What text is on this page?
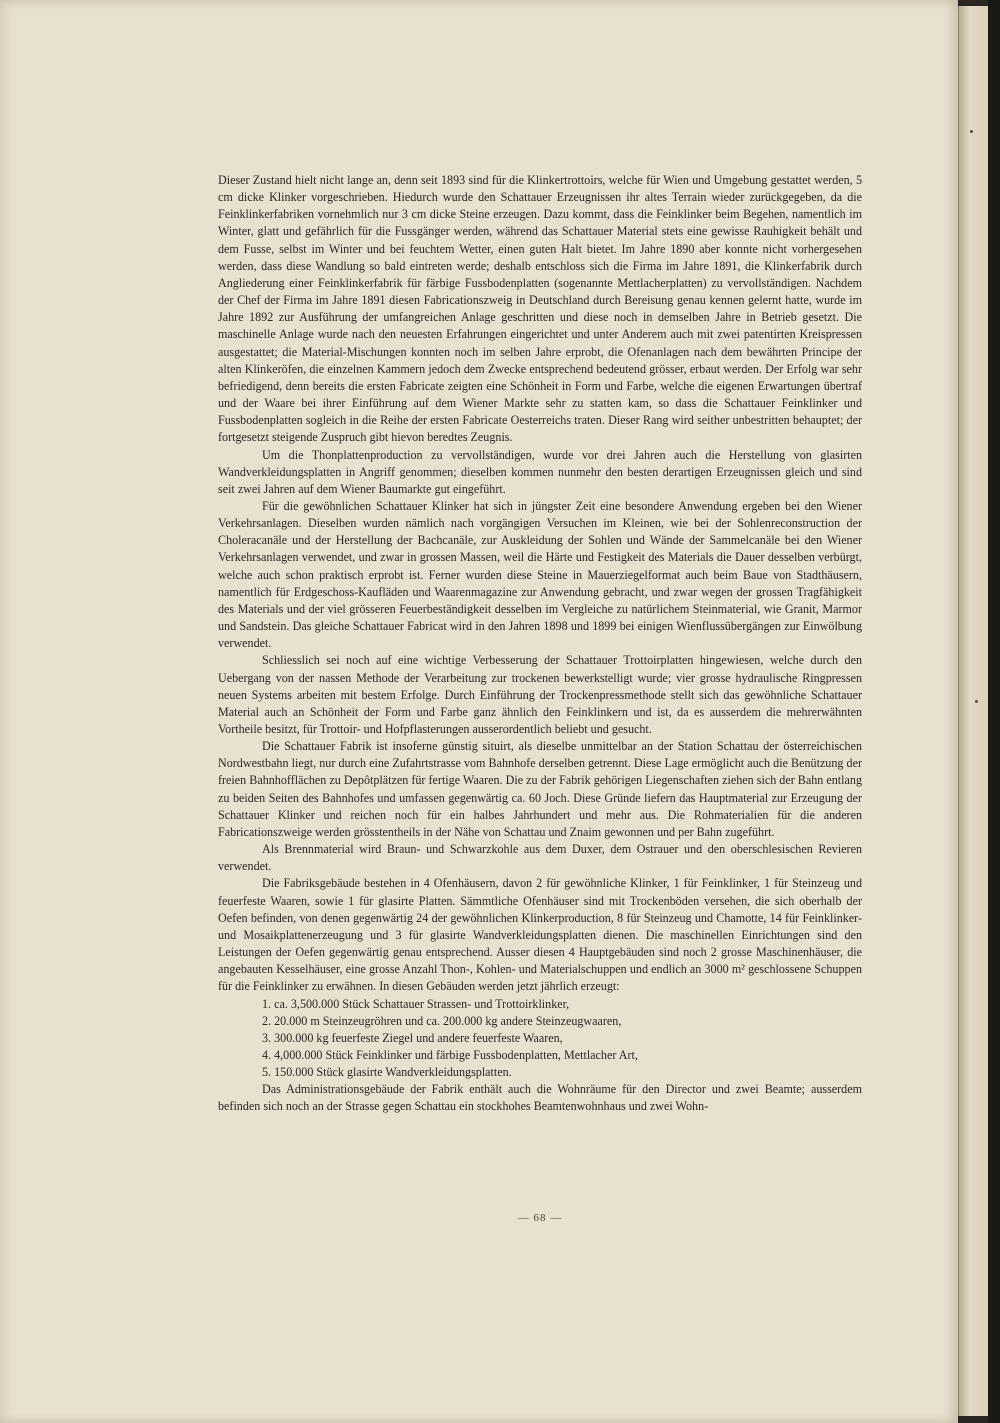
Dieser Zustand hielt nicht lange an, denn seit 1893 sind für die Klinkertrottoirs, welche für Wien und Umgebung gestattet werden, 5 cm dicke Klinker vorgeschrieben. Hiedurch wurde den Schattauer Erzeugnissen ihr altes Terrain wieder zurückgegeben, da die Feinklinkerfabriken vornehmlich nur 3 cm dicke Steine erzeugen. Dazu kommt, dass die Feinklinker beim Begehen, namentlich im Winter, glatt und gefährlich für die Fussgänger werden, während das Schattauer Material stets eine gewisse Rauhigkeit behält und dem Fusse, selbst im Winter und bei feuchtem Wetter, einen guten Halt bietet. Im Jahre 1890 aber konnte nicht vorhergesehen werden, dass diese Wandlung so bald eintreten werde; deshalb entschloss sich die Firma im Jahre 1891, die Klinkerfabrik durch Angliederung einer Feinklinkerfabrik für färbige Fussbodenplatten (sogenannte Mettlacherplatten) zu vervollständigen. Nachdem der Chef der Firma im Jahre 1891 diesen Fabricationszweig in Deutschland durch Bereisung genau kennen gelernt hatte, wurde im Jahre 1892 zur Ausführung der umfangreichen Anlage geschritten und diese noch in demselben Jahre in Betrieb gesetzt. Die maschinelle Anlage wurde nach den neuesten Erfahrungen eingerichtet und unter Anderem auch mit zwei patentirten Kreispressen ausgestattet; die Material-Mischungen konnten noch im selben Jahre erprobt, die Ofenanlagen nach dem bewährten Principe der alten Klinkeröfen, die einzelnen Kammern jedoch dem Zwecke entsprechend bedeutend grösser, erbaut werden. Der Erfolg war sehr befriedigend, denn bereits die ersten Fabricate zeigten eine Schönheit in Form und Farbe, welche die eigenen Erwartungen übertraf und der Waare bei ihrer Einführung auf dem Wiener Markte sehr zu statten kam, so dass die Schattauer Feinklinker und Fussbodenplatten sogleich in die Reihe der ersten Fabricate Oesterreichs traten. Dieser Rang wird seither unbestritten behauptet; der fortgesetzt steigende Zuspruch gibt hievon beredtes Zeugnis.

Um die Thonplattenproduction zu vervollständigen, wurde vor drei Jahren auch die Herstellung von glasirten Wandverkleidungsplatten in Angriff genommen; dieselben kommen nunmehr den besten derartigen Erzeugnissen gleich und sind seit zwei Jahren auf dem Wiener Baumarkte gut eingeführt.

Für die gewöhnlichen Schattauer Klinker hat sich in jüngster Zeit eine besondere Anwendung ergeben bei den Wiener Verkehrsanlagen. Dieselben wurden nämlich nach vorgängigen Versuchen im Kleinen, wie bei der Sohlenreconstruction der Choleracanäle und der Herstellung der Bachcanäle, zur Auskleidung der Sohlen und Wände der Sammelcanäle bei den Wiener Verkehrsanlagen verwendet, und zwar in grossen Massen, weil die Härte und Festigkeit des Materials die Dauer desselben verbürgt, welche auch schon praktisch erprobt ist. Ferner wurden diese Steine in Mauerziegelformat auch beim Baue von Stadthäusern, namentlich für Erdgeschoss-Kaufläden und Waarenmagazine zur Anwendung gebracht, und zwar wegen der grossen Tragfähigkeit des Materials und der viel grösseren Feuerbeständigkeit desselben im Vergleiche zu natürlichem Steinmaterial, wie Granit, Marmor und Sandstein. Das gleiche Schattauer Fabricat wird in den Jahren 1898 und 1899 bei einigen Wienflussübergängen zur Einwölbung verwendet.

Schliesslich sei noch auf eine wichtige Verbesserung der Schattauer Trottoirplatten hingewiesen, welche durch den Uebergang von der nassen Methode der Verarbeitung zur trockenen bewerkstelligt wurde; vier grosse hydraulische Ringpressen neuen Systems arbeiten mit bestem Erfolge. Durch Einführung der Trockenpressmethode stellt sich das gewöhnliche Schattauer Material auch an Schönheit der Form und Farbe ganz ähnlich den Feinklinkern und ist, da es ausserdem die mehrerwähnten Vortheile besitzt, für Trottoir- und Hofpflasterungen ausserordentlich beliebt und gesucht.

Die Schattauer Fabrik ist insoferne günstig situirt, als dieselbe unmittelbar an der Station Schattau der österreichischen Nordwestbahn liegt, nur durch eine Zufahrtstrasse vom Bahnhofe derselben getrennt. Diese Lage ermöglicht auch die Benützung der freien Bahnhofflächen zu Depôtplätzen für fertige Waaren. Die zu der Fabrik gehörigen Liegenschaften ziehen sich der Bahn entlang zu beiden Seiten des Bahnhofes und umfassen gegenwärtig ca. 60 Joch. Diese Gründe liefern das Hauptmaterial zur Erzeugung der Schattauer Klinker und reichen noch für ein halbes Jahrhundert und mehr aus. Die Rohmaterialien für die anderen Fabricationszweige werden grösstentheils in der Nähe von Schattau und Znaim gewonnen und per Bahn zugeführt.

Als Brennmaterial wird Braun- und Schwarzkohle aus dem Duxer, dem Ostrauer und den oberschlesischen Revieren verwendet.

Die Fabriksgebäude bestehen in 4 Ofenhäusern, davon 2 für gewöhnliche Klinker, 1 für Feinklinker, 1 für Steinzeug und feuerfeste Waaren, sowie 1 für glasirte Platten. Sämmtliche Ofenhäuser sind mit Trockenböden versehen, die sich oberhalb der Oefen befinden, von denen gegenwärtig 24 der gewöhnlichen Klinkerproduction, 8 für Steinzeug und Chamotte, 14 für Feinklinker- und Mosaikplattenerzeugung und 3 für glasirte Wandverkleidungsplatten dienen. Die maschinellen Einrichtungen sind den Leistungen der Oefen gegenwärtig genau entsprechend. Ausser diesen 4 Hauptgebäuden sind noch 2 grosse Maschinenhäuser, die angebauten Kesselhäuser, eine grosse Anzahl Thon-, Kohlen- und Materialschuppen und endlich an 3000 m² geschlossene Schuppen für die Feinklinker zu erwähnen. In diesen Gebäuden werden jetzt jährlich erzeugt:

1. ca. 3,500.000 Stück Schattauer Strassen- und Trottoirklinker,
2. 20.000 m Steinzeugröhren und ca. 200.000 kg andere Steinzeugwaaren,
3. 300.000 kg feuerfeste Ziegel und andere feuerfeste Waaren,
4. 4,000.000 Stück Feinklinker und färbige Fussbodenplatten, Mettlacher Art,
5. 150.000 Stück glasirte Wandverkleidungsplatten.

Das Administrationsgebäude der Fabrik enthält auch die Wohnräume für den Director und zwei Beamte; ausserdem befinden sich noch an der Strasse gegen Schattau ein stockhohes Beamtenwohnhaus und zwei Wohn-

— 68 —
